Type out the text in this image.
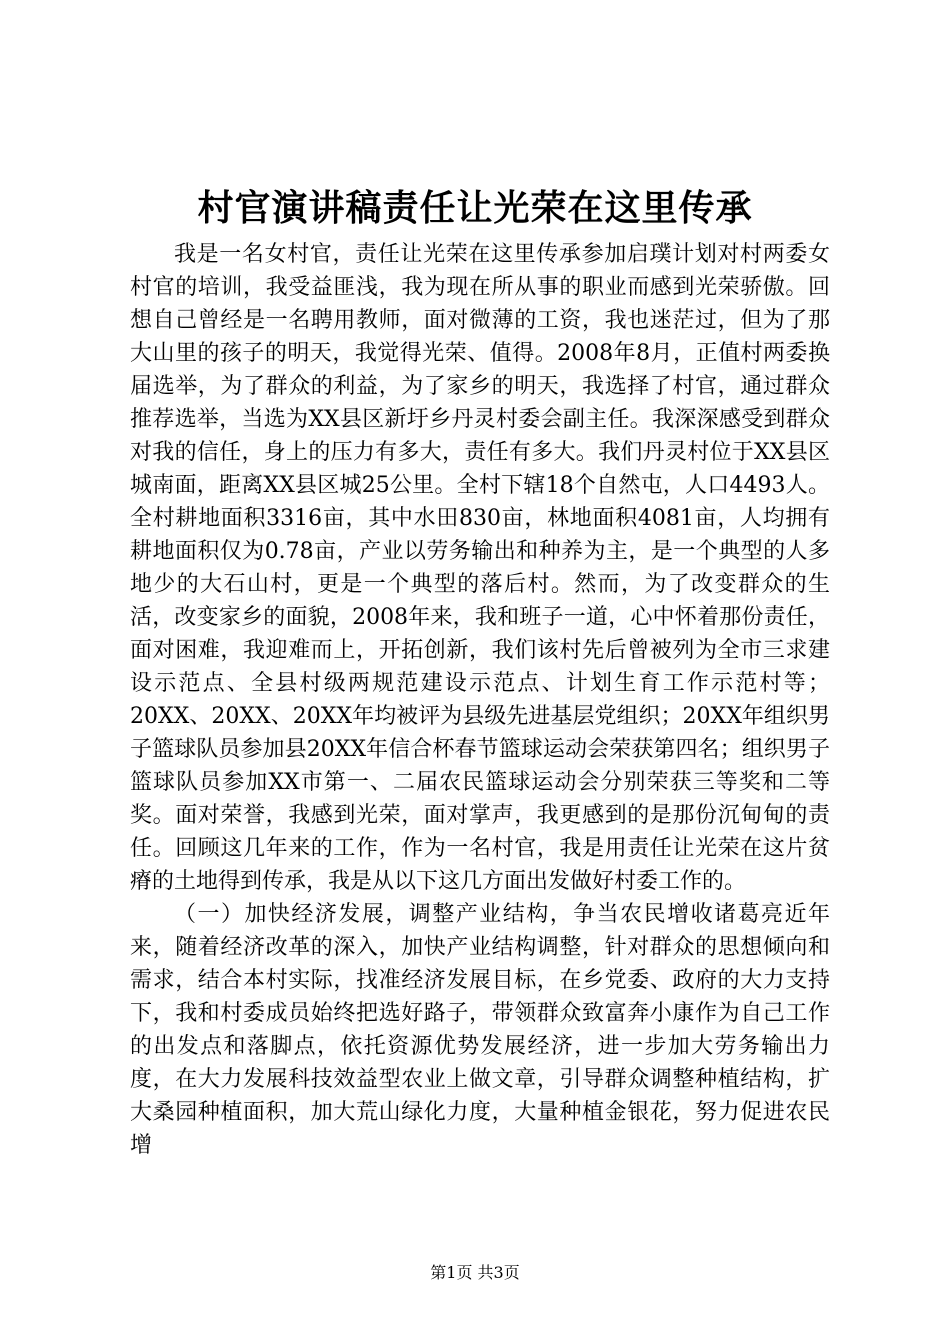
村官演讲稿责任让光荣在这里传承

我是一名女村官，责任让光荣在这里传承参加启璞计划对村两委女村官的培训，我受益匪浅，我为现在所从事的职业而感到光荣骄傲。回想自己曾经是一名聘用教师，面对微薄的工资，我也迷茫过，但为了那大山里的孩子的明天，我觉得光荣、值得。2008年8月，正值村两委换届选举，为了群众的利益，为了家乡的明天，我选择了村官，通过群众推荐选举，当选为XX县区新圩乡丹灵村委会副主任。我深深感受到群众对我的信任，身上的压力有多大，责任有多大。我们丹灵村位于XX县区城南面，距离XX县区城25公里。全村下辖18个自然屯，人口4493人。全村耕地面积3316亩，其中水田830亩，林地面积4081亩，人均拥有耕地面积仅为0.78亩，产业以劳务输出和种养为主，是一个典型的人多地少的大石山村，更是一个典型的落后村。然而，为了改变群众的生活，改变家乡的面貌，2008年来，我和班子一道，心中怀着那份责任，面对困难，我迎难而上，开拓创新，我们该村先后曾被列为全市三求建设示范点、全县村级两规范建设示范点、计划生育工作示范村等；20XX、20XX、20XX年均被评为县级先进基层党组织；20XX年组织男子篮球队员参加县20XX年信合杯春节篮球运动会荣获第四名；组织男子篮球队员参加XX市第一、二届农民篮球运动会分别荣获三等奖和二等奖。面对荣誉，我感到光荣，面对掌声，我更感到的是那份沉甸甸的责任。回顾这几年来的工作，作为一名村官，我是用责任让光荣在这片贫瘠的土地得到传承，我是从以下这几方面出发做好村委工作的。

（一）加快经济发展，调整产业结构，争当农民增收诸葛亮近年来，随着经济改革的深入，加快产业结构调整，针对群众的思想倾向和需求，结合本村实际，找准经济发展目标，在乡党委、政府的大力支持下，我和村委成员始终把选好路子，带领群众致富奔小康作为自己工作的出发点和落脚点，依托资源优势发展经济，进一步加大劳务输出力度，在大力发展科技效益型农业上做文章，引导群众调整种植结构，扩大桑园种植面积，加大荒山绿化力度，大量种植金银花，努力促进农民增

第1页 共3页
